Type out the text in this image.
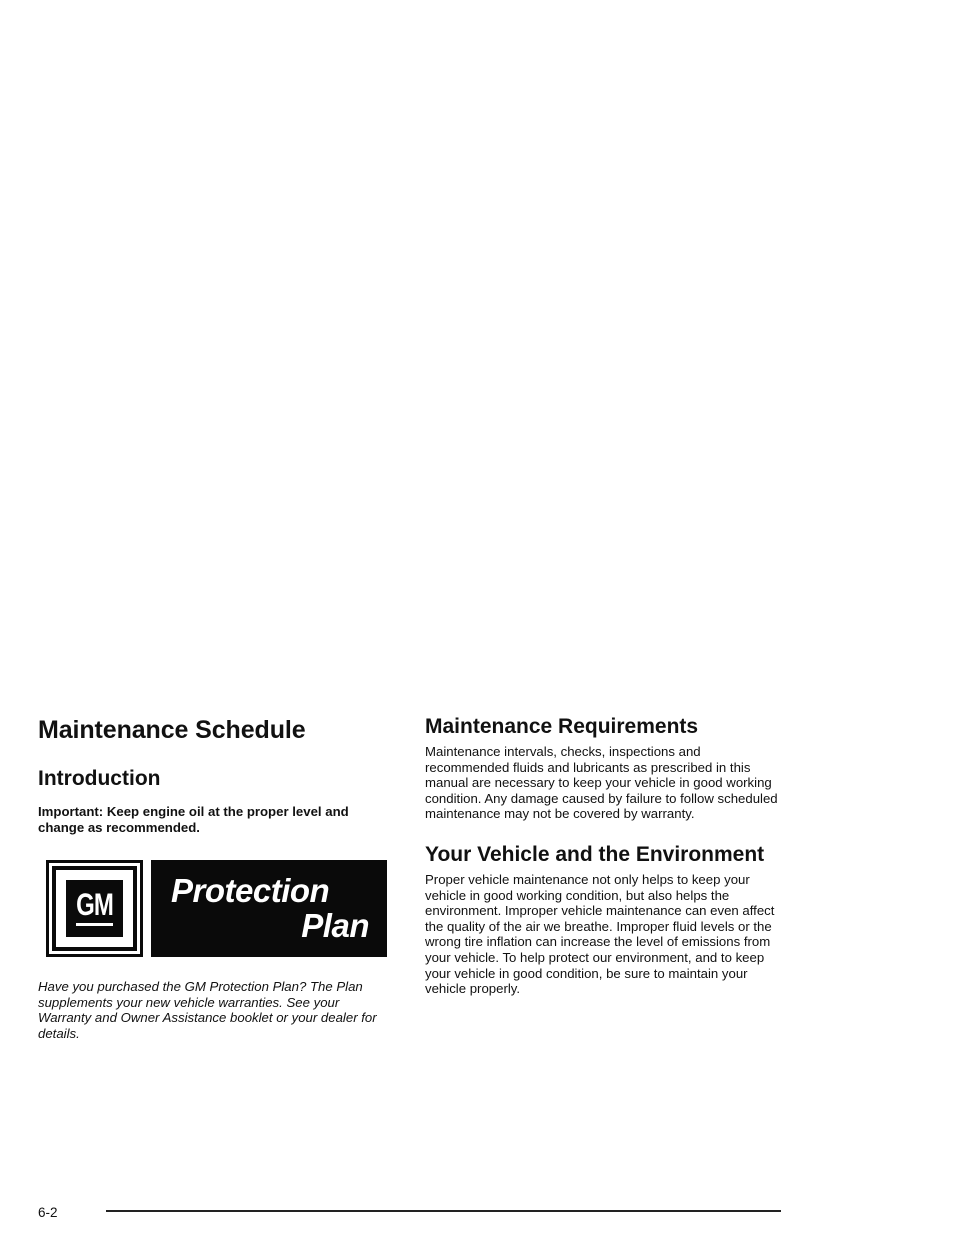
Maintenance Schedule
Introduction

Important: Keep engine oil at the proper level and change as recommended.

GM	Protection
Plan

Have you purchased the GM Protection Plan? The Plan supplements your new vehicle warranties. See your Warranty and Owner Assistance booklet or your dealer for details.

Maintenance Requirements

Maintenance intervals, checks, inspections and recommended fluids and lubricants as prescribed in this manual are necessary to keep your vehicle in good working condition. Any damage caused by failure to follow scheduled maintenance may not be covered by warranty.

Your Vehicle and the Environment

Proper vehicle maintenance not only helps to keep your vehicle in good working condition, but also helps the environment. Improper vehicle maintenance can even affect the quality of the air we breathe. Improper fluid levels or the wrong tire inflation can increase the level of emissions from your vehicle. To help protect our environment, and to keep your vehicle in good condition, be sure to maintain your vehicle properly.

6-2
